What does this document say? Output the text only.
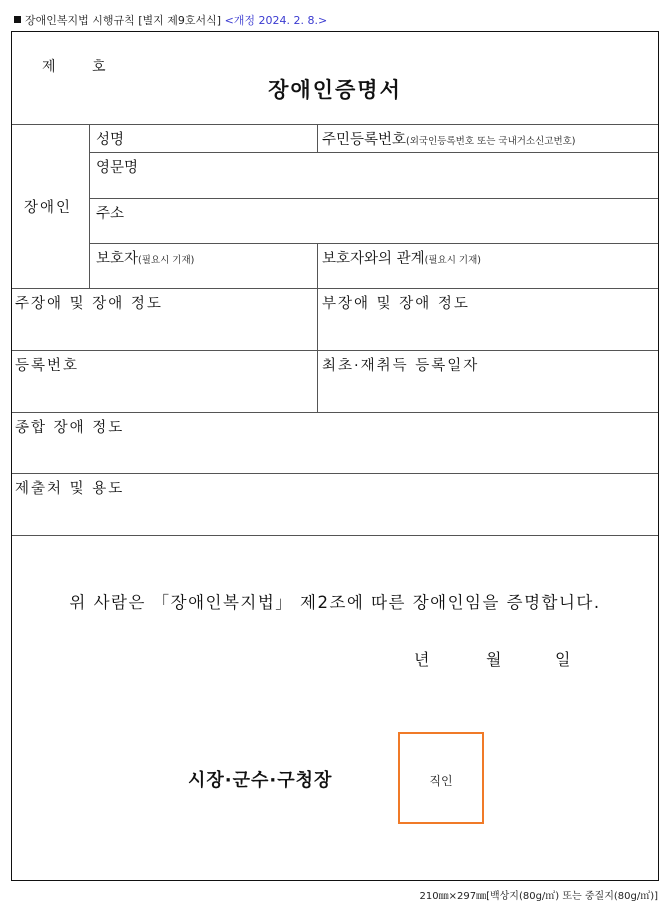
장애인복지법 시행규칙 [별지 제9호서식] <개정 2024. 2. 8.>
제	호
장애인증명서
장애인
성명	주민등록번호(외국인등록번호 또는 국내거소신고번호)
영문명
주소
보호자(필요시 기재)	보호자와의 관계(필요시 기재)
주장애 및 장애 정도	부장애 및 장애 정도
등록번호	최초·재취득 등록일자
종합 장애 정도
제출처 및 용도
위 사람은 「장애인복지법」 제2조에 따른 장애인임을 증명합니다.
년	월	일
시장·군수·구청장	직인
210㎜×297㎜[백상지(80g/㎡) 또는 중질지(80g/㎡)]
